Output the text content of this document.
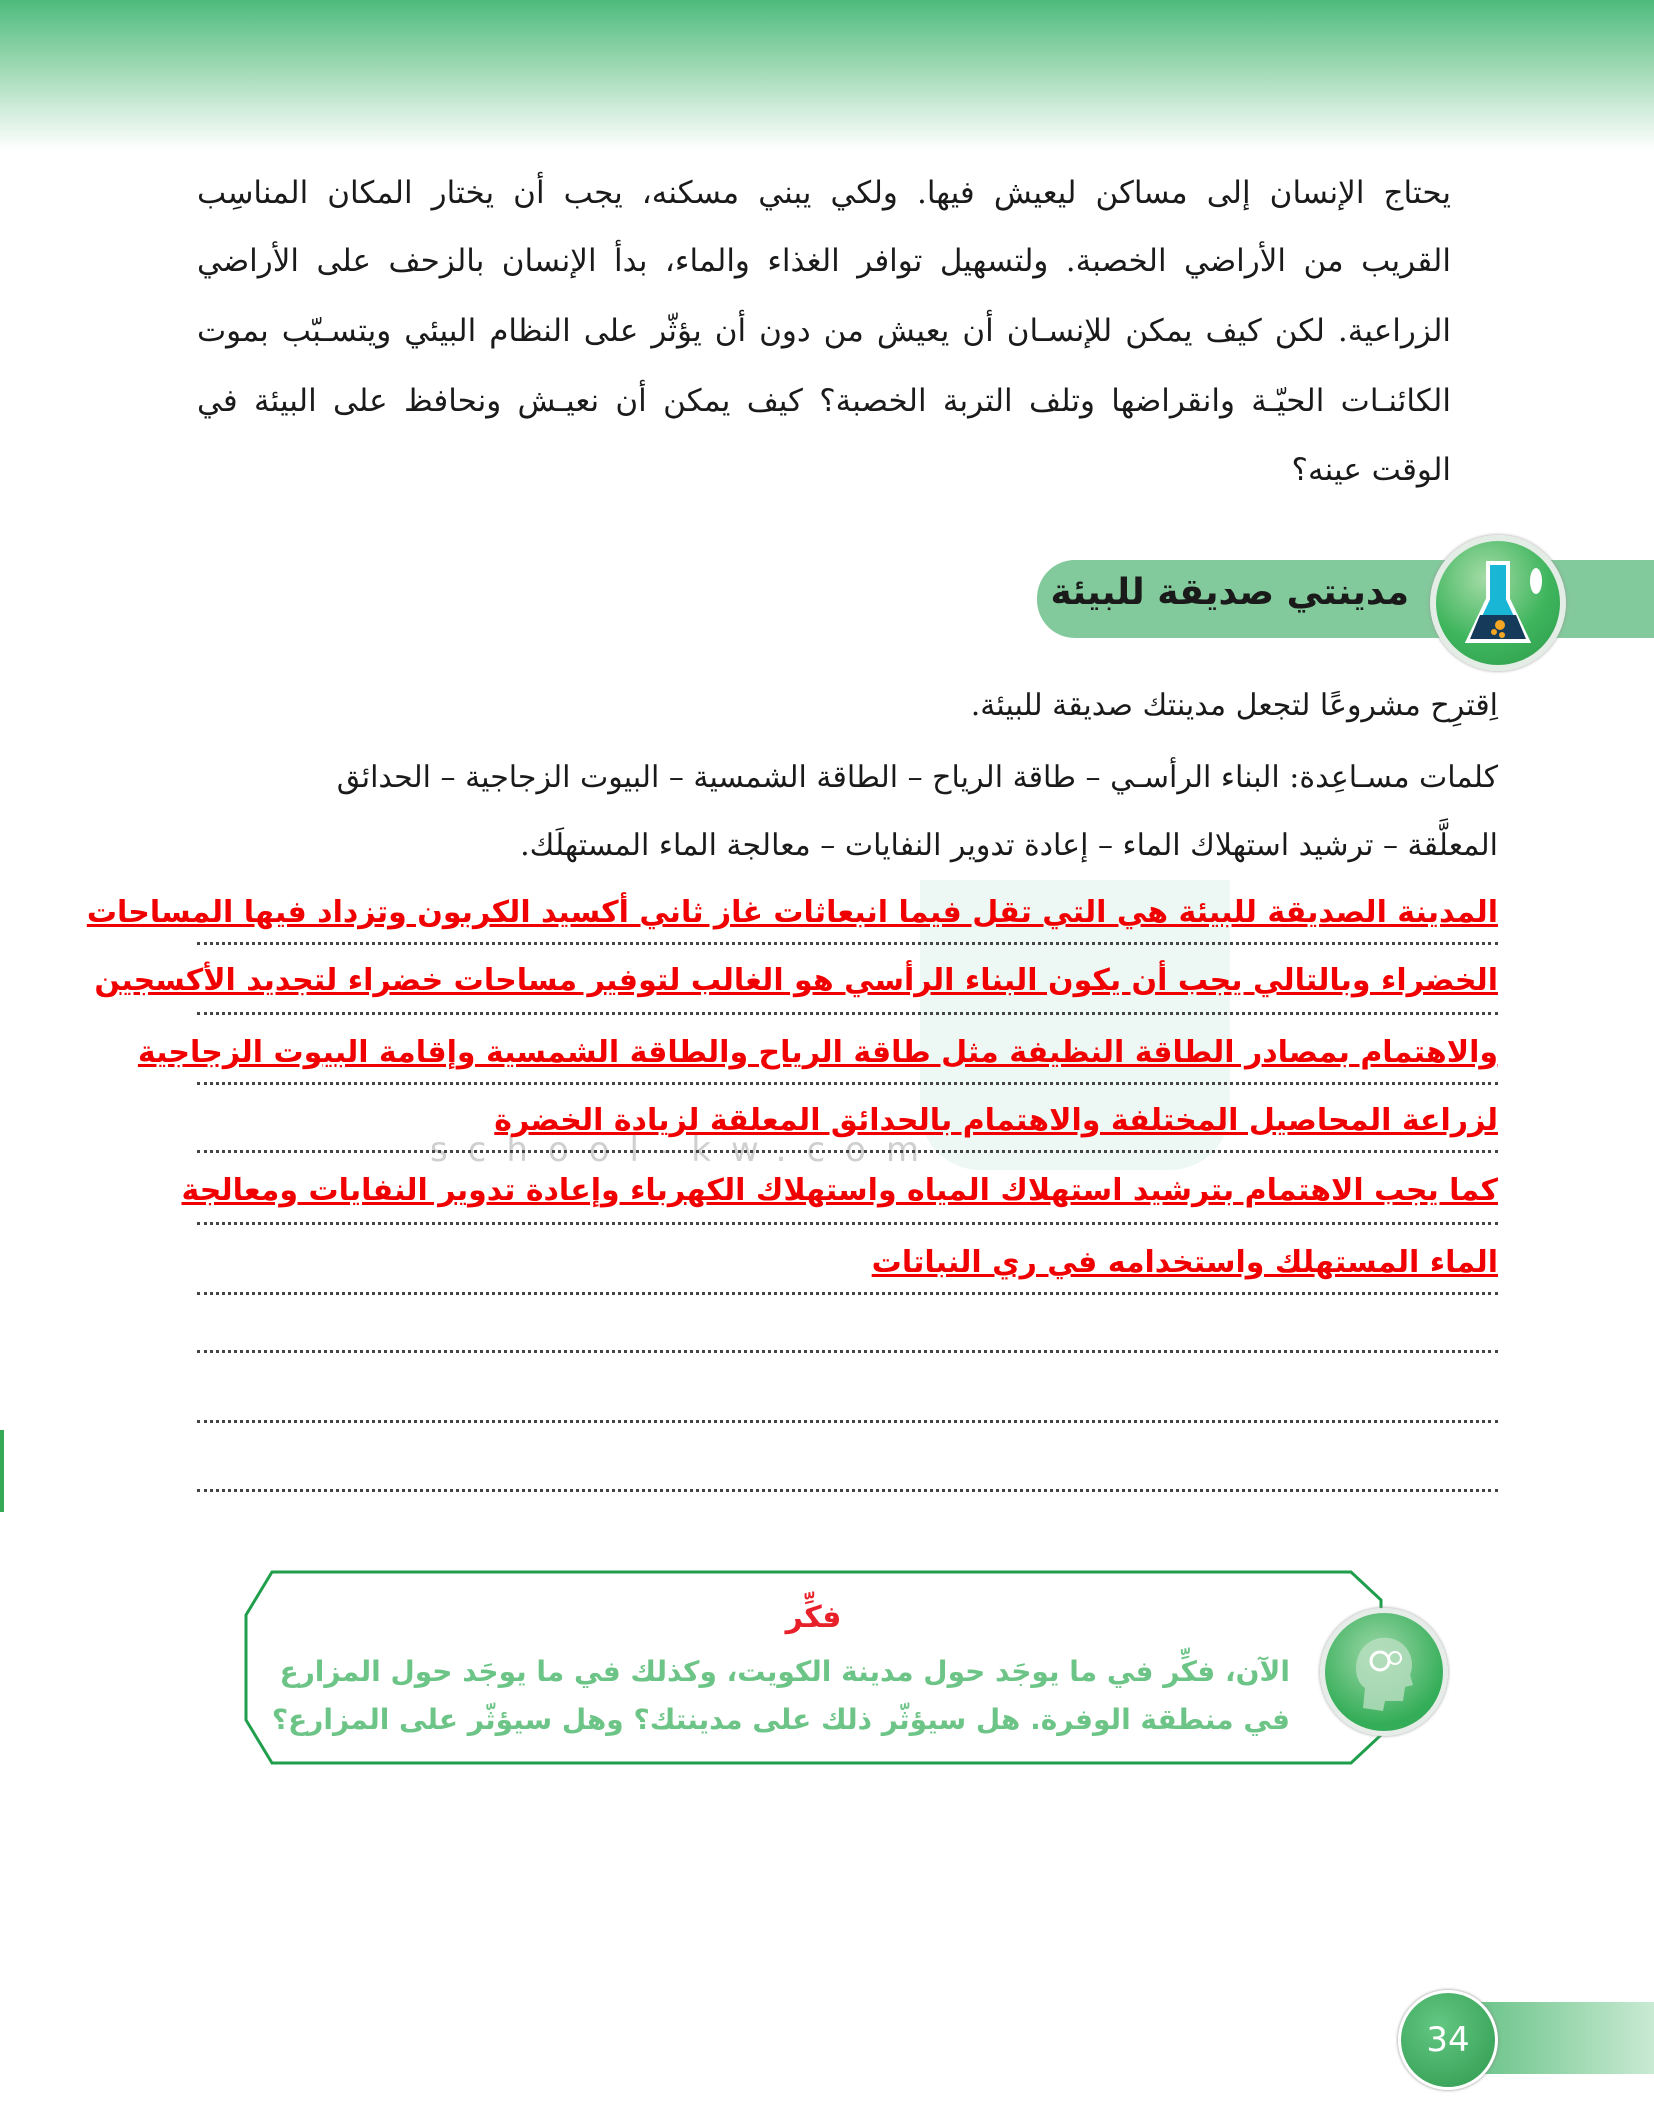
school-kw.com
يحتاج الإنسان إلى مساكن ليعيش فيها. ولكي يبني مسكنه، يجب أن يختار المكان المناسِب
القريب من الأراضي الخصبة. ولتسهيل توافر الغذاء والماء، بدأ الإنسان بالزحف على الأراضي
الزراعية. لكن كيف يمكن للإنسـان أن يعيش من دون أن يؤثّر على النظام البيئي ويتسـبّب بموت
الكائنـات الحيّـة وانقراضها وتلف التربة الخصبة؟ كيف يمكن أن نعيـش ونحافظ على البيئة في
الوقت عينه؟
مدينتي صديقة للبيئة
اِقترِح مشروعًا لتجعل مدينتك صديقة للبيئة.
كلمات مسـاعِدة: البناء الرأسـي – طاقة الرياح – الطاقة الشمسية – البيوت الزجاجية – الحدائق
المعلَّقة – ترشيد استهلاك الماء – إعادة تدوير النفايات – معالجة الماء المستهلَك.
المدينة الصديقة للبيئة هي التي تقل فيما انبعاثات غاز ثاني أكسيد الكربون وتزداد فيها المساحات
الخضراء وبالتالي يجب أن يكون البناء الرأسي هو الغالب لتوفير مساحات خضراء لتجديد الأكسجين
والاهتمام بمصادر الطاقة النظيفة مثل طاقة الرياح والطاقة الشمسية وإقامة البيوت الزجاجية
لزراعة المحاصيل المختلفة والاهتمام بالحدائق المعلقة لزيادة الخضرة
كما يجب الاهتمام بترشيد استهلاك المياه واستهلاك الكهرباء وإعادة تدوير النفايات ومعالجة
الماء المستهلك واستخدامه في ري النباتات
فكِّر
الآن، فكِّر في ما يوجَد حول مدينة الكويت، وكذلك في ما يوجَد حول المزارع
في منطقة الوفرة. هل سيؤثّر ذلك على مدينتك؟ وهل سيؤثّر على المزارع؟
34
